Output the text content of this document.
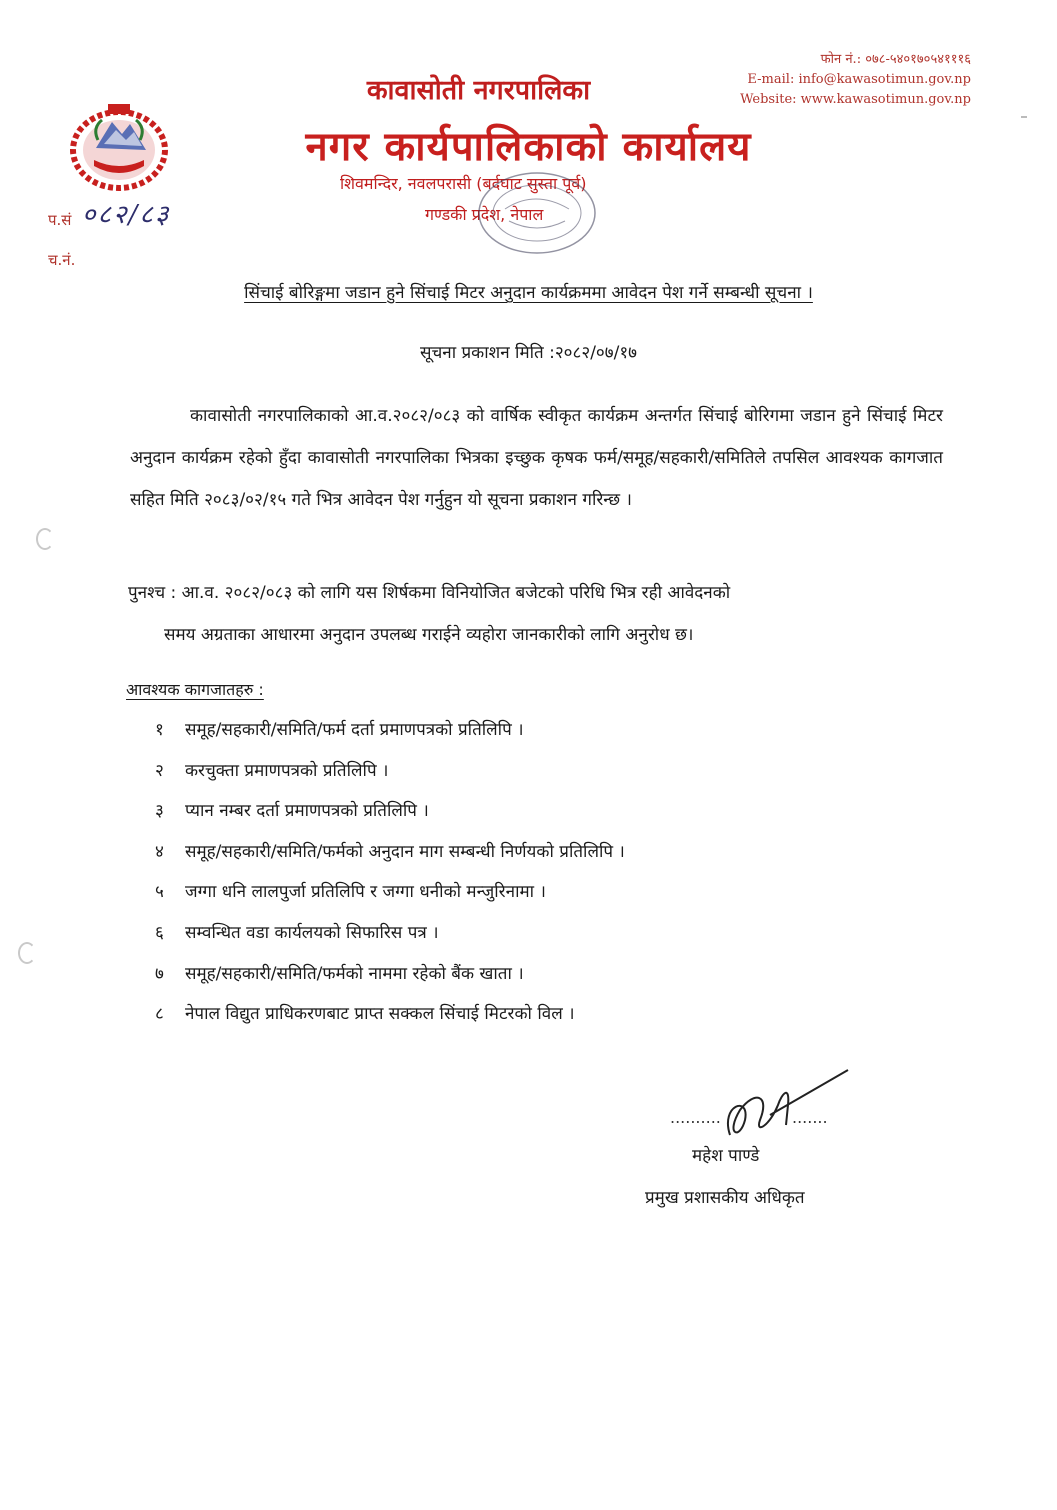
फोन नं.: ०७८-५४०१७०५४१११६
E-mail: info@kawasotimun.gov.np
Website: www.kawasotimun.gov.np
कावासोती नगरपालिका
नगर कार्यपालिकाको कार्यालय
शिवमन्दिर, नवलपरासी (बर्दघाट सुस्ता पूर्व)
गण्डकी प्रदेश, नेपाल
प.सं ०८२/८३
च.नं.
सिंचाई बोरिङ्गमा जडान हुने सिंचाई मिटर अनुदान कार्यक्रममा आवेदन पेश गर्ने सम्बन्धी सूचना ।
सूचना प्रकाशन मिति :२०८२/०७/१७
कावासोती नगरपालिकाको आ.व.२०८२/०८३ को वार्षिक स्वीकृत कार्यक्रम अन्तर्गत सिंचाई बोरिगमा जडान हुने सिंचाई मिटर अनुदान कार्यक्रम रहेको हुँदा कावासोती नगरपालिका भित्रका इच्छुक कृषक फर्म/समूह/सहकारी/समितिले तपसिल आवश्यक कागजात सहित मिति २०८३/०२/१५ गते भित्र आवेदन पेश गर्नुहुन यो सूचना प्रकाशन गरिन्छ ।
पुनश्च : आ.व. २०८२/०८३ को लागि यस शिर्षकमा विनियोजित बजेटको परिधि भित्र रही आवेदनको
समय अग्रताका आधारमा अनुदान उपलब्ध गराईने व्यहोरा जानकारीको लागि अनुरोध छ।
आवश्यक कागजातहरु :
१ समूह/सहकारी/समिति/फर्म दर्ता प्रमाणपत्रको प्रतिलिपि ।
२ करचुक्ता प्रमाणपत्रको प्रतिलिपि ।
३ प्यान नम्बर दर्ता प्रमाणपत्रको प्रतिलिपि ।
४ समूह/सहकारी/समिति/फर्मको अनुदान माग सम्बन्धी निर्णयको प्रतिलिपि ।
५ जग्गा धनि लालपुर्जा प्रतिलिपि र जग्गा धनीको मन्जुरिनामा ।
६ सम्वन्धित वडा कार्यलयको सिफारिस पत्र ।
७ समूह/सहकारी/समिति/फर्मको नाममा रहेको बैंक खाता ।
८ नेपाल विद्युत प्राधिकरणबाट प्राप्त सक्कल सिंचाई मिटरको विल ।
..........	.......
महेश पाण्डे
प्रमुख प्रशासकीय अधिकृत
